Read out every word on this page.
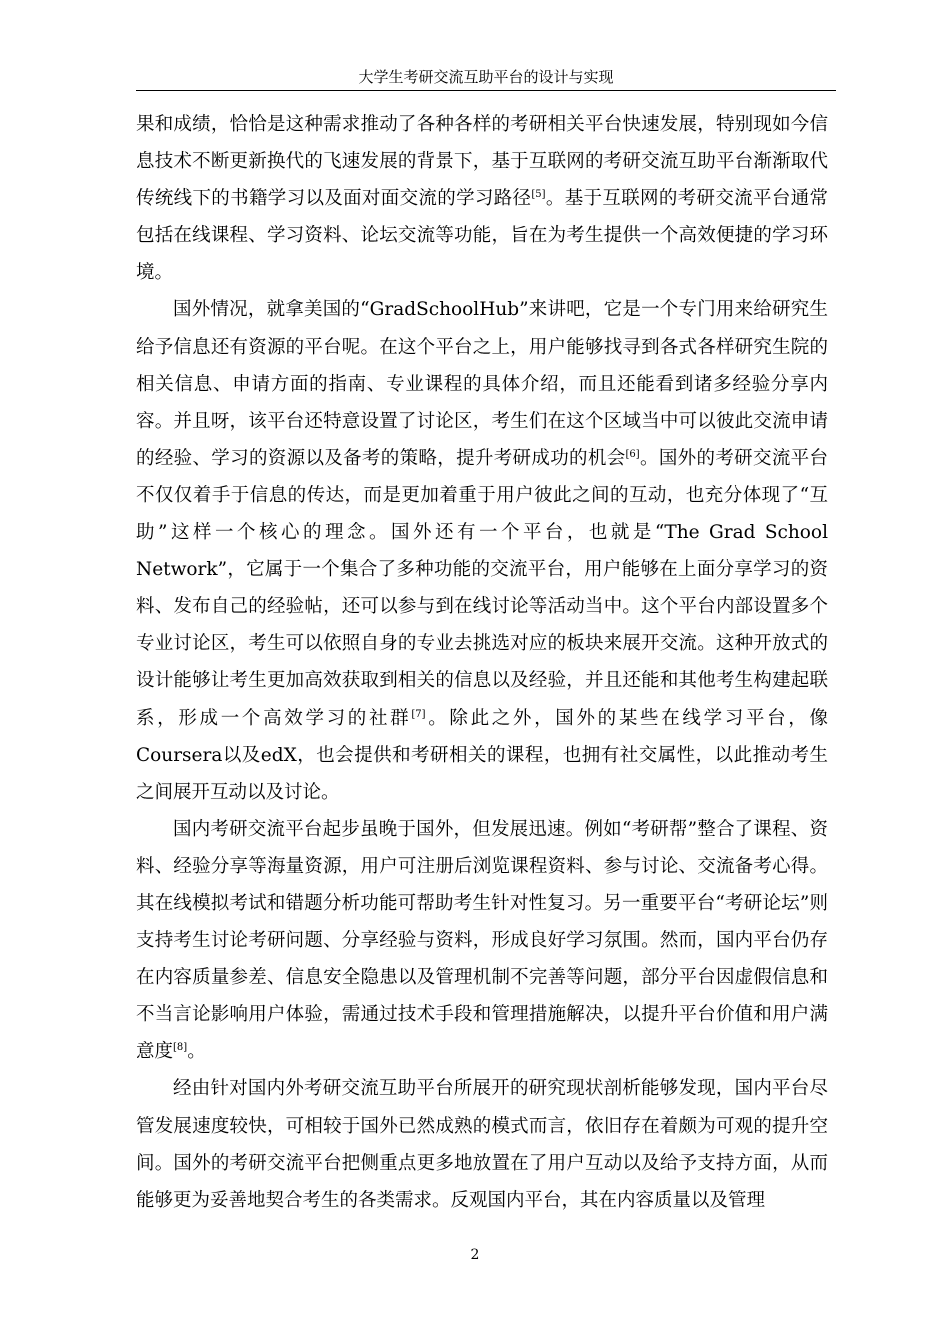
大学生考研交流互助平台的设计与实现

果和成绩，恰恰是这种需求推动了各种各样的考研相关平台快速发展，特别现如今信息技术不断更新换代的飞速发展的背景下，基于互联网的考研交流互助平台渐渐取代传统线下的书籍学习以及面对面交流的学习路径[5]。基于互联网的考研交流平台通常包括在线课程、学习资料、论坛交流等功能，旨在为考生提供一个高效便捷的学习环境。

国外情况，就拿美国的“GradSchoolHub”来讲吧，它是一个专门用来给研究生给予信息还有资源的平台呢。在这个平台之上，用户能够找寻到各式各样研究生院的相关信息、申请方面的指南、专业课程的具体介绍，而且还能看到诸多经验分享内容。并且呀，该平台还特意设置了讨论区，考生们在这个区域当中可以彼此交流申请的经验、学习的资源以及备考的策略，提升考研成功的机会[6]。国外的考研交流平台不仅仅着手于信息的传达，而是更加着重于用户彼此之间的互动，也充分体现了“互助”这样一个核心的理念。国外还有一个平台，也就是“The Grad School Network”，它属于一个集合了多种功能的交流平台，用户能够在上面分享学习的资料、发布自己的经验帖，还可以参与到在线讨论等活动当中。这个平台内部设置多个专业讨论区，考生可以依照自身的专业去挑选对应的板块来展开交流。这种开放式的设计能够让考生更加高效获取到相关的信息以及经验，并且还能和其他考生构建起联系，形成一个高效学习的社群[7]。除此之外，国外的某些在线学习平台，像Coursera以及edX，也会提供和考研相关的课程，也拥有社交属性，以此推动考生之间展开互动以及讨论。

国内考研交流平台起步虽晚于国外，但发展迅速。例如“考研帮”整合了课程、资料、经验分享等海量资源，用户可注册后浏览课程资料、参与讨论、交流备考心得。其在线模拟考试和错题分析功能可帮助考生针对性复习。另一重要平台“考研论坛”则支持考生讨论考研问题、分享经验与资料，形成良好学习氛围。然而，国内平台仍存在内容质量参差、信息安全隐患以及管理机制不完善等问题，部分平台因虚假信息和不当言论影响用户体验，需通过技术手段和管理措施解决，以提升平台价值和用户满意度[8]。

经由针对国内外考研交流互助平台所展开的研究现状剖析能够发现，国内平台尽管发展速度较快，可相较于国外已然成熟的模式而言，依旧存在着颇为可观的提升空间。国外的考研交流平台把侧重点更多地放置在了用户互动以及给予支持方面，从而能够更为妥善地契合考生的各类需求。反观国内平台，其在内容质量以及管理

2
